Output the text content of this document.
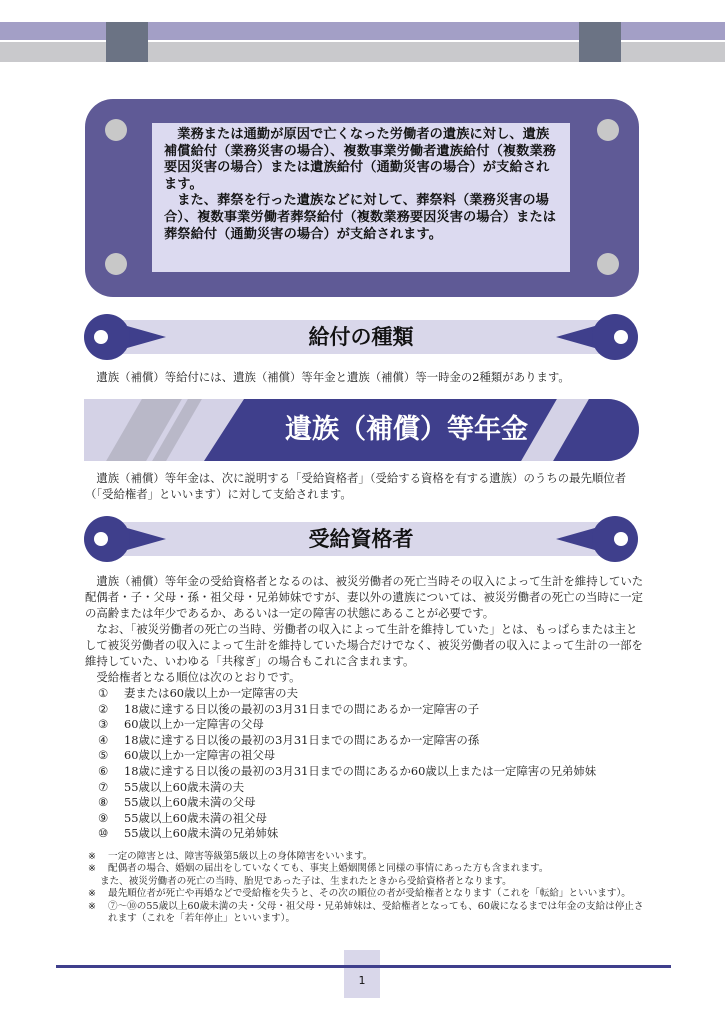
業務または通勤が原因で亡くなった労働者の遺族に対し、遺族補償給付（業務災害の場合）、複数事業労働者遺族給付（複数業務要因災害の場合）または遺族給付（通勤災害の場合）が支給されます。

また、葬祭を行った遺族などに対して、葬祭料（業務災害の場合）、複数事業労働者葬祭給付（複数業務要因災害の場合）または葬祭給付（通勤災害の場合）が支給されます。

給付の種類

遺族（補償）等給付には、遺族（補償）等年金と遺族（補償）等一時金の2種類があります。

遺族（補償）等年金

遺族（補償）等年金は、次に説明する「受給資格者」（受給する資格を有する遺族）のうちの最先順位者（「受給権者」といいます）に対して支給されます。

受給資格者

遺族（補償）等年金の受給資格者となるのは、被災労働者の死亡当時その収入によって生計を維持していた配偶者・子・父母・孫・祖父母・兄弟姉妹ですが、妻以外の遺族については、被災労働者の死亡の当時に一定の高齢または年少であるか、あるいは一定の障害の状態にあることが必要です。

なお、「被災労働者の死亡の当時、労働者の収入によって生計を維持していた」とは、もっぱらまたは主として被災労働者の収入によって生計を維持していた場合だけでなく、被災労働者の収入によって生計の一部を維持していた、いわゆる「共稼ぎ」の場合もこれに含まれます。

受給権者となる順位は次のとおりです。

①	妻または60歳以上か一定障害の夫
②	18歳に達する日以後の最初の3月31日までの間にあるか一定障害の子
③	60歳以上か一定障害の父母
④	18歳に達する日以後の最初の3月31日までの間にあるか一定障害の孫
⑤	60歳以上か一定障害の祖父母
⑥	18歳に達する日以後の最初の3月31日までの間にあるか60歳以上または一定障害の兄弟姉妹
⑦	55歳以上60歳未満の夫
⑧	55歳以上60歳未満の父母
⑨	55歳以上60歳未満の祖父母
⑩	55歳以上60歳未満の兄弟姉妹
※	一定の障害とは、障害等級第5級以上の身体障害をいいます。
※	配偶者の場合、婚姻の届出をしていなくても、事実上婚姻関係と同様の事情にあった方も含まれます。
また、被災労働者の死亡の当時、胎児であった子は、生まれたときから受給資格者となります。
※	最先順位者が死亡や再婚などで受給権を失うと、その次の順位の者が受給権者となります（これを「転給」といいます）。
※	⑦～⑩の55歳以上60歳未満の夫・父母・祖父母・兄弟姉妹は、受給権者となっても、60歳になるまでは年金の支給は停止されます（これを「若年停止」といいます）。
1
